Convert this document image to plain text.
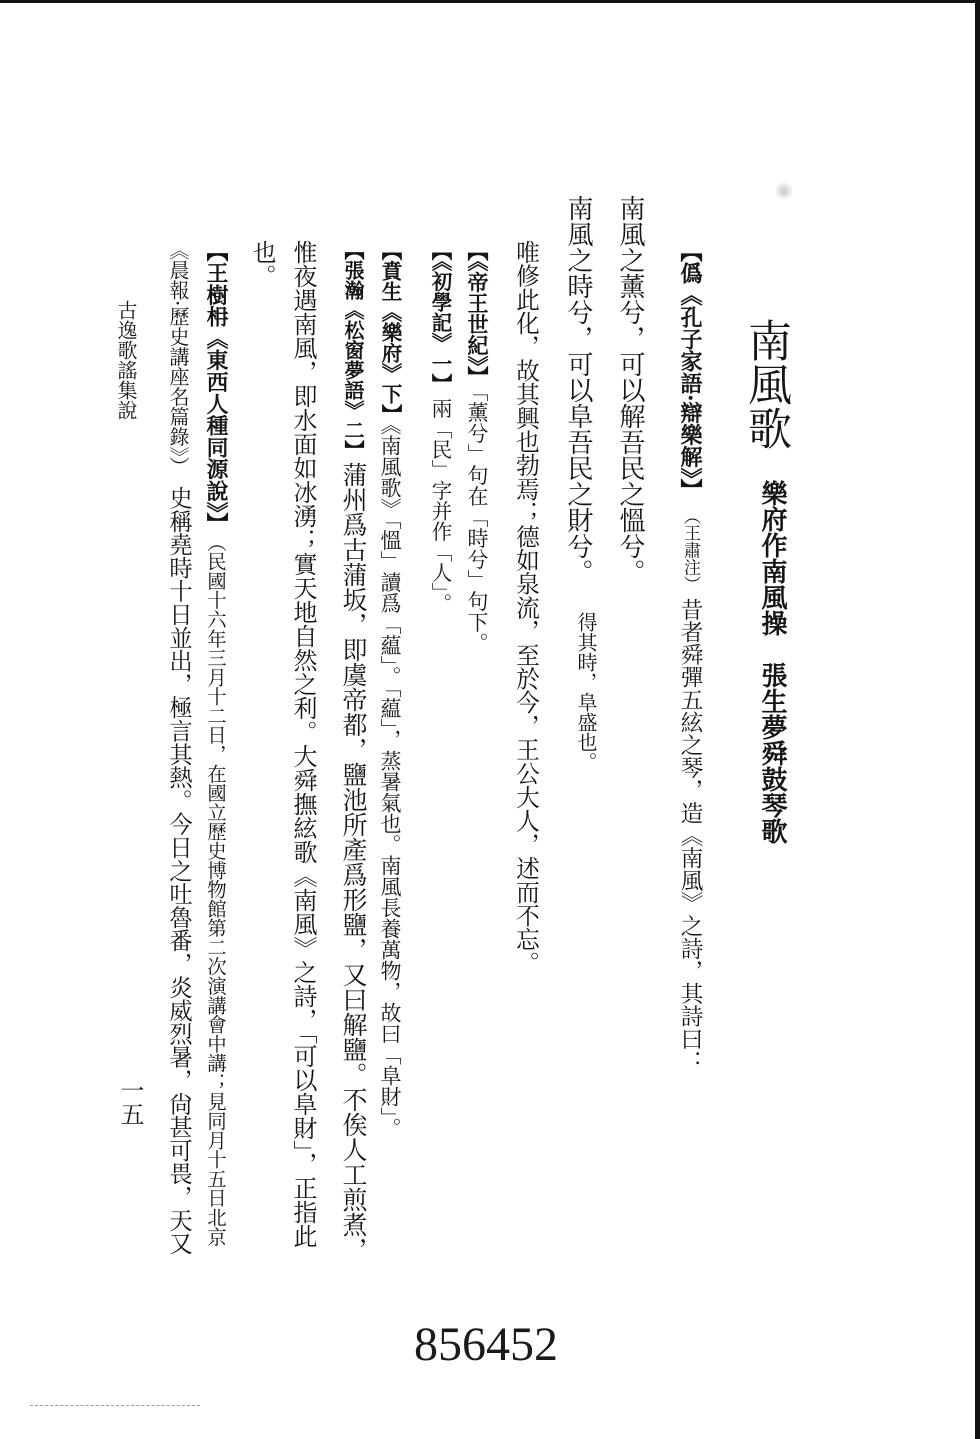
南風歌
樂府作南風操　張生夢舜鼓琴歌
【僞《孔子家語·辯樂解》】（王肅注）昔者舜彈五絃之琴，造《南風》之詩，其詩曰：
南風之薰兮，可以解吾民之慍兮。
南風之時兮，可以阜吾民之財兮。
得其時，阜盛也。
唯修此化，故其興也勃焉；德如泉流，至於今，王公大人，述而不忘。
【《帝王世紀》】「薰兮」句在「時兮」句下。
【《初學記》一】兩「民」字并作「人」。
【賁生《樂府》下】《南風歌》「慍」讀爲「藴」。「藴」，蒸暑氣也。南風長養萬物，故曰「阜財」。
【張瀚《松窗夢語》二】蒲州爲古蒲坂，即虞帝都，鹽池所產爲形鹽，又曰解鹽。不俟人工煎煮，
惟夜遇南風，即水面如冰湧；實天地自然之利。大舜撫絃歌《南風》之詩，「可以阜財」，正指此
也。
【王樹枏《東西人種同源說》】（民國十六年三月十二日，在國立歷史博物館第二次演講會中講；見同月十五日北京
《晨報·歷史講座名篇錄》）史稱堯時十日並出，極言其熱。今日之吐魯番，炎威烈暑，尙甚可畏，天又
古逸歌謠集說
一五
856452
